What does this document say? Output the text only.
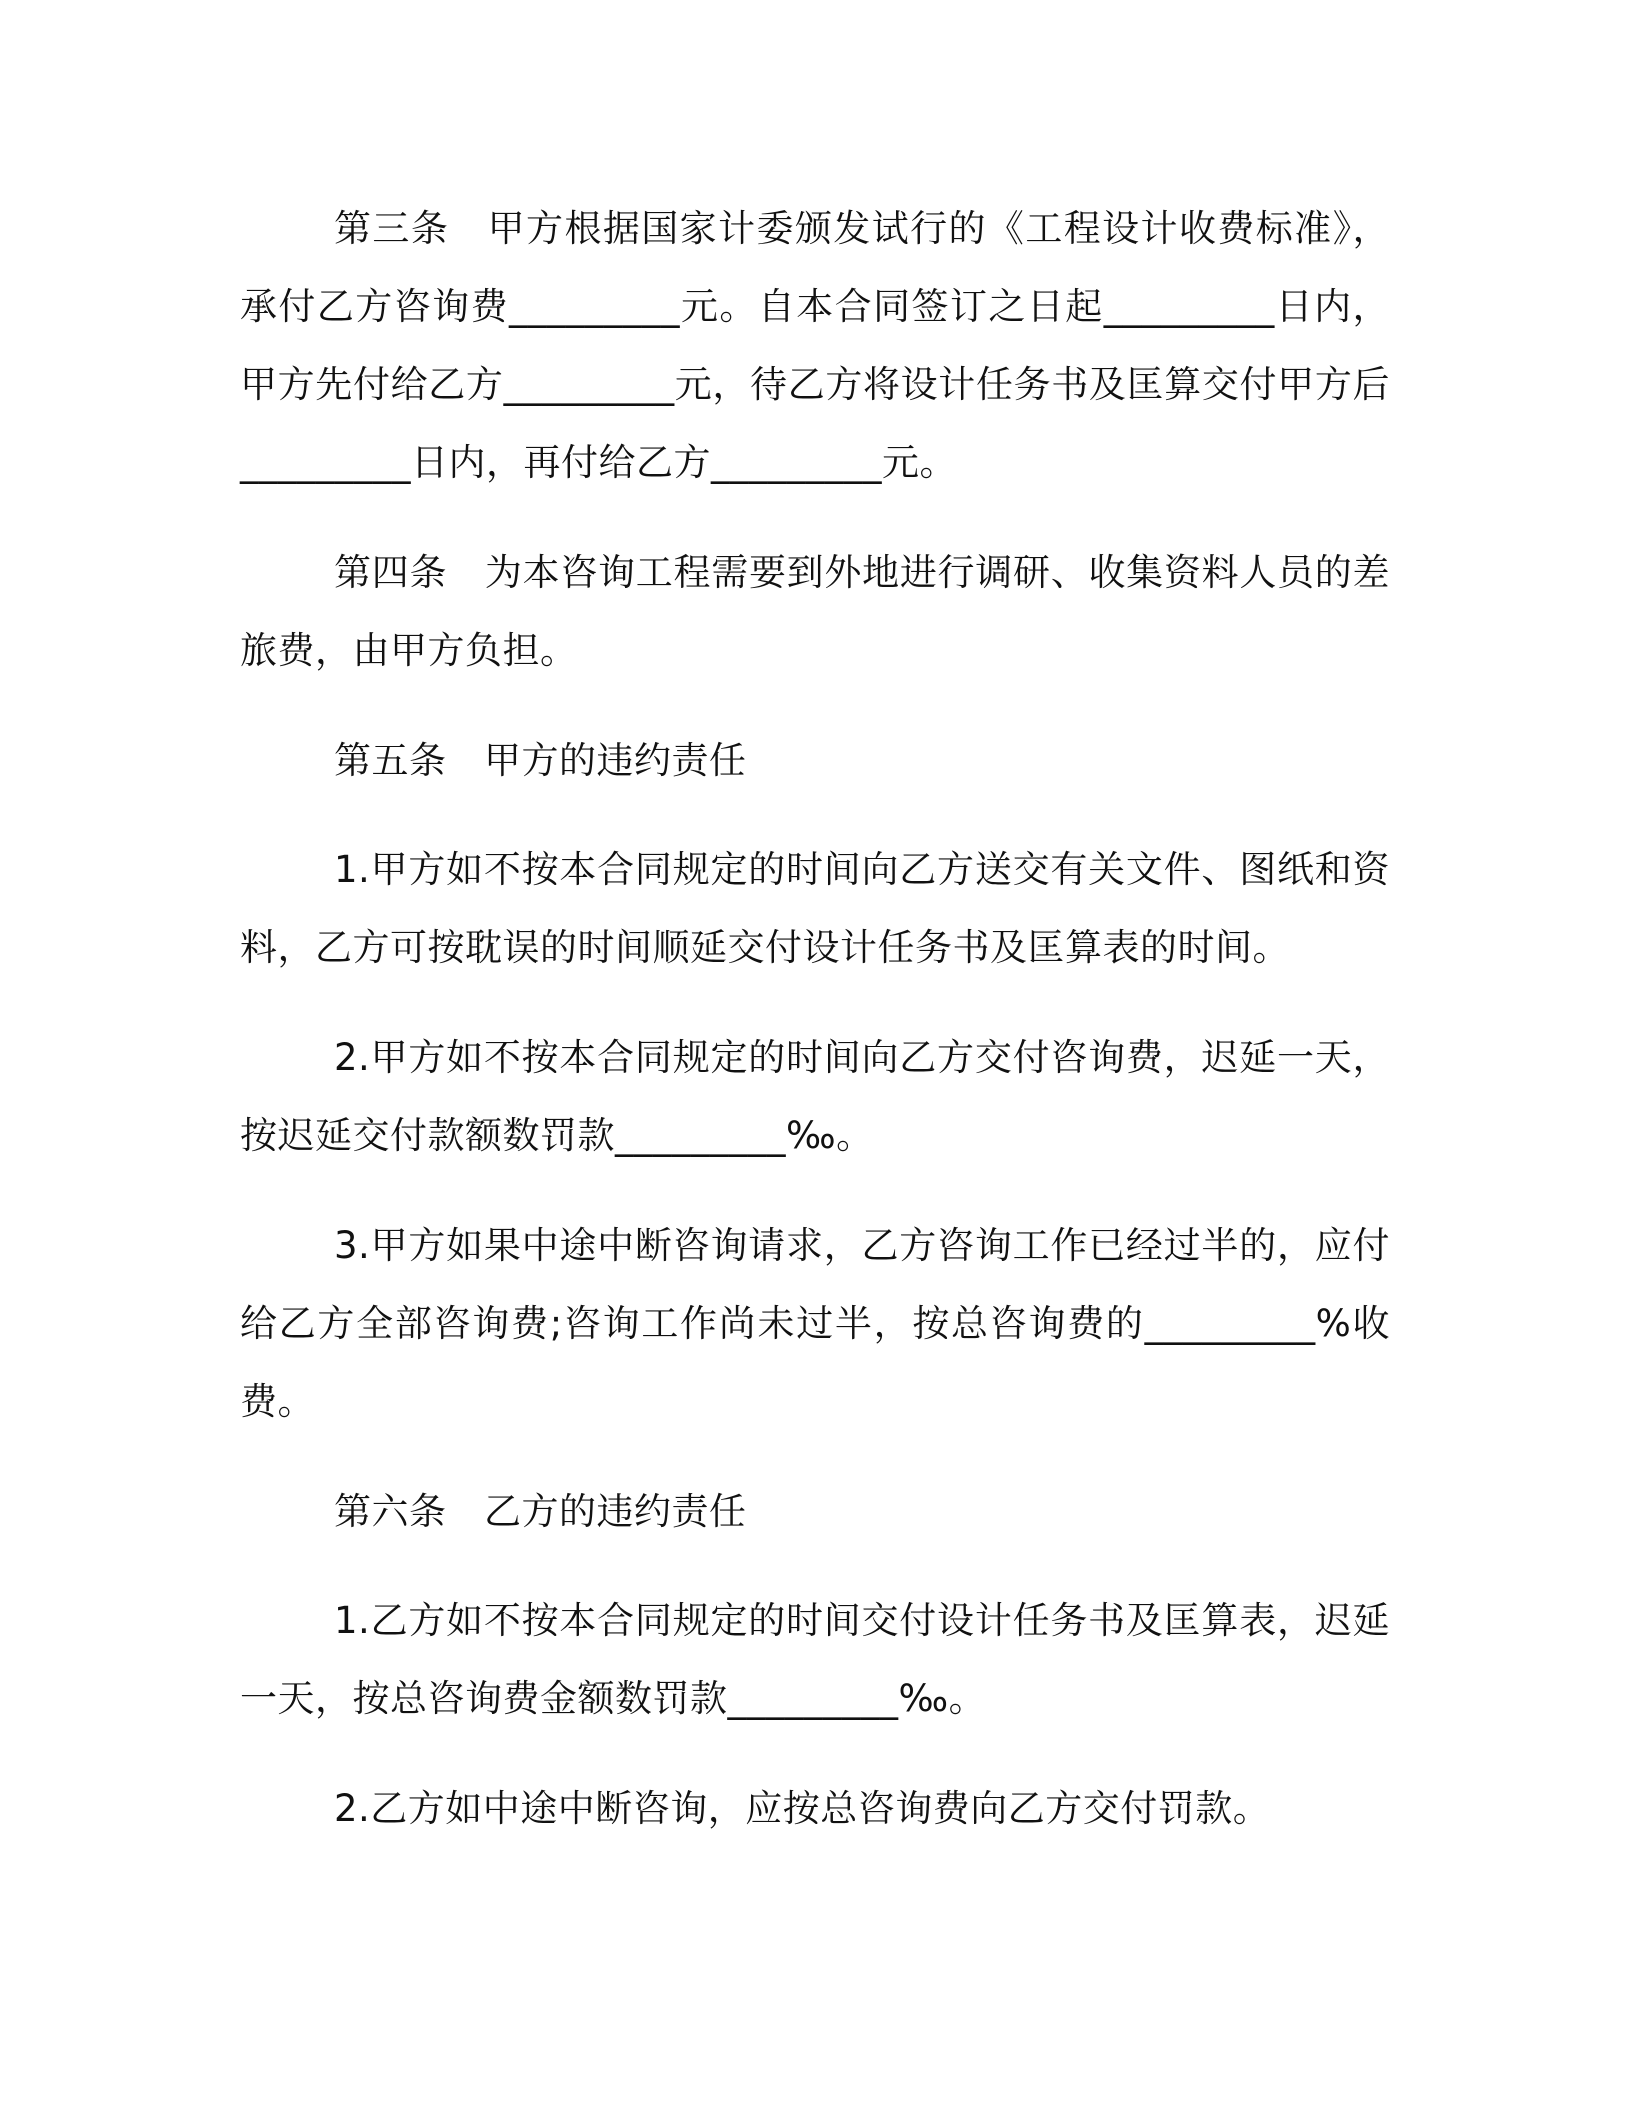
第三条　甲方根据国家计委颁发试行的《工程设计收费标准》，承付乙方咨询费_________元。自本合同签订之日起_________日内，甲方先付给乙方_________元，待乙方将设计任务书及匡算交付甲方后_________日内，再付给乙方_________元。

第四条　为本咨询工程需要到外地进行调研、收集资料人员的差旅费，由甲方负担。

第五条　甲方的违约责任

1.甲方如不按本合同规定的时间向乙方送交有关文件、图纸和资料，乙方可按耽误的时间顺延交付设计任务书及匡算表的时间。

2.甲方如不按本合同规定的时间向乙方交付咨询费，迟延一天，按迟延交付款额数罚款_________‰。

3.甲方如果中途中断咨询请求，乙方咨询工作已经过半的，应付给乙方全部咨询费;咨询工作尚未过半，按总咨询费的_________%收费。

第六条　乙方的违约责任

1.乙方如不按本合同规定的时间交付设计任务书及匡算表，迟延一天，按总咨询费金额数罚款_________‰。

2.乙方如中途中断咨询，应按总咨询费向乙方交付罚款。
